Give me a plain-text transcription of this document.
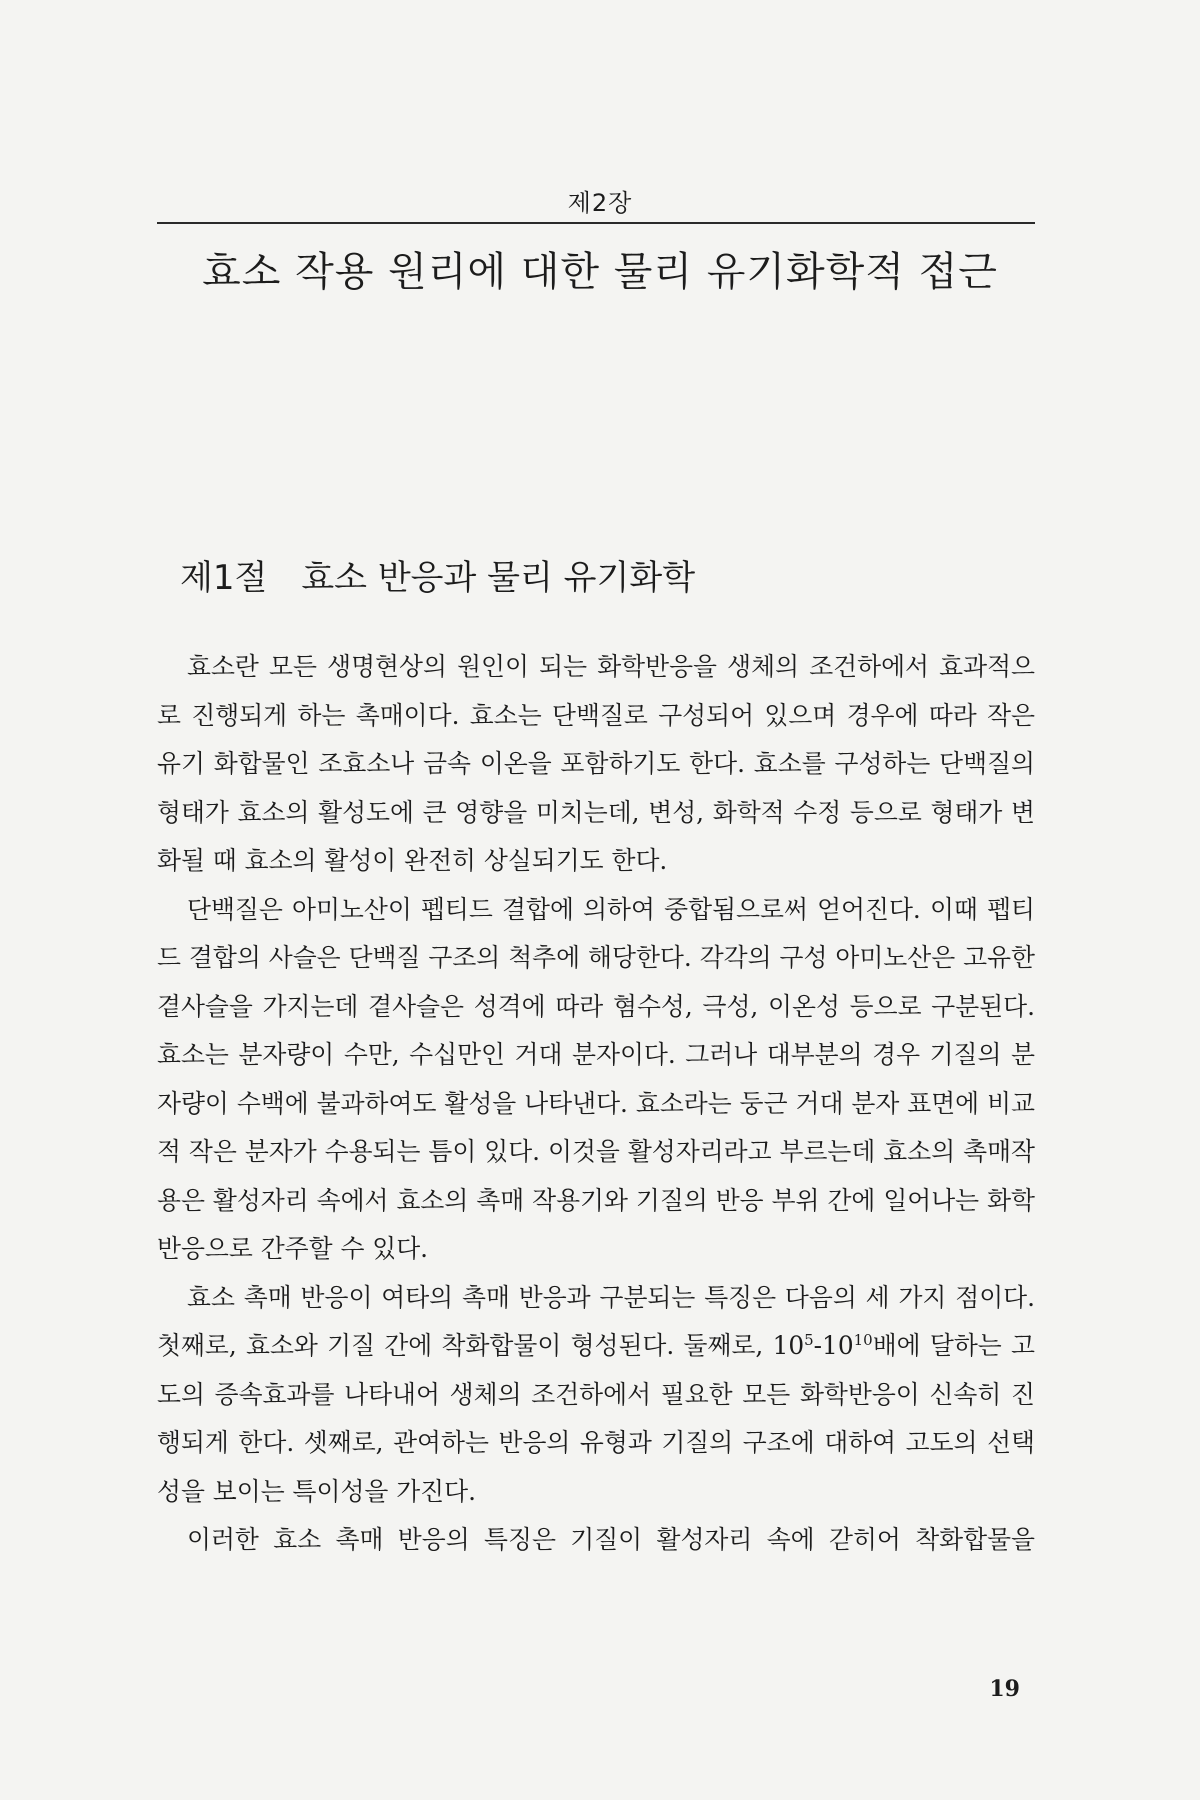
제2장
효소 작용 원리에 대한 물리 유기화학적 접근
제1절 효소 반응과 물리 유기화학

효소란 모든 생명현상의 원인이 되는 화학반응을 생체의 조건하에서 효과적으로 진행되게 하는 촉매이다. 효소는 단백질로 구성되어 있으며 경우에 따라 작은 유기 화합물인 조효소나 금속 이온을 포함하기도 한다. 효소를 구성하는 단백질의 형태가 효소의 활성도에 큰 영향을 미치는데, 변성, 화학적 수정 등으로 형태가 변화될 때 효소의 활성이 완전히 상실되기도 한다.

단백질은 아미노산이 펩티드 결합에 의하여 중합됨으로써 얻어진다. 이때 펩티드 결합의 사슬은 단백질 구조의 척추에 해당한다. 각각의 구성 아미노산은 고유한 곁사슬을 가지는데 곁사슬은 성격에 따라 혐수성, 극성, 이온성 등으로 구분된다. 효소는 분자량이 수만, 수십만인 거대 분자이다. 그러나 대부분의 경우 기질의 분자량이 수백에 불과하여도 활성을 나타낸다. 효소라는 둥근 거대 분자 표면에 비교적 작은 분자가 수용되는 틈이 있다. 이것을 활성자리라고 부르는데 효소의 촉매작용은 활성자리 속에서 효소의 촉매 작용기와 기질의 반응 부위 간에 일어나는 화학반응으로 간주할 수 있다.

효소 촉매 반응이 여타의 촉매 반응과 구분되는 특징은 다음의 세 가지 점이다. 첫째로, 효소와 기질 간에 착화합물이 형성된다. 둘째로, $10^5-10^{10}$배에 달하는 고도의 증속효과를 나타내어 생체의 조건하에서 필요한 모든 화학반응이 신속히 진행되게 한다. 셋째로, 관여하는 반응의 유형과 기질의 구조에 대하여 고도의 선택성을 보이는 특이성을 가진다.

이러한 효소 촉매 반응의 특징은 기질이 활성자리 속에 갇히어 착화합물을

19
